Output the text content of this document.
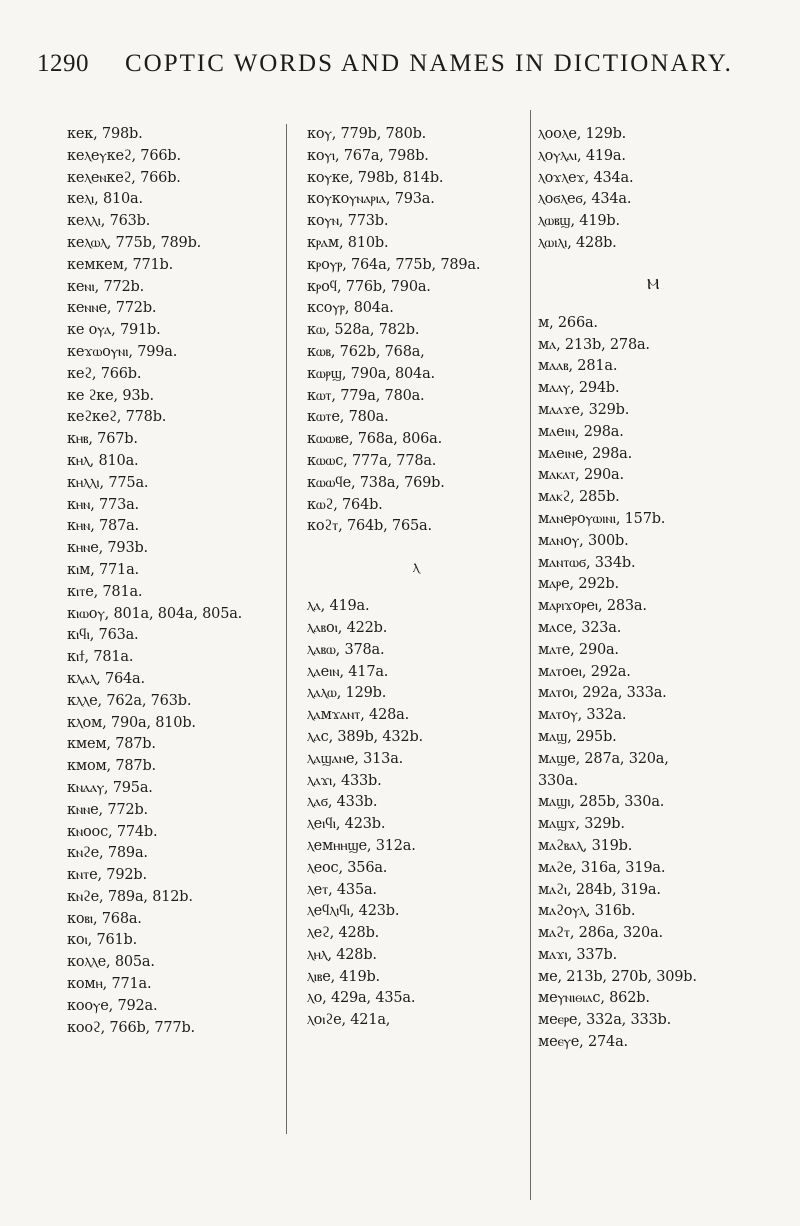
1290 COPTIC WORDS AND NAMES IN DICTIONARY.
кек, 798b.
кеⲗеⲩкеϩ, 766b.
кеⲗеⲛкеϩ, 766b.
кеⲗⲓ, 810a.
кеⲗⲗⲓ, 763b.
кеⲗⲱⲗ, 775b, 789b.
кемкем, 771b.
кеⲛⲓ, 772b.
кеⲛⲛе, 772b.
ке оⲩⲁ, 791b.
кеϫⲱоⲩⲛⲓ, 799a.
кеϩ, 766b.
ке ϩке, 93b.
кеϩкеϩ, 778b.
кⲏⲃ, 767b.
кⲏⲗ, 810a.
кⲏⲗⲗⲓ, 775a.
кⲏⲛ, 773a.
кⲏⲛ, 787a.
кⲏⲛе, 793b.
кⲓм, 771a.
кⲓⲧе, 781a.
кⲓⲱоⲩ, 801a, 804a, 805a.
кⲓϥⲓ, 763a.
кⲓϯ, 781a.
кⲗⲁⲗ, 764a.
кⲗⲗе, 762a, 763b.
кⲗом, 790a, 810b.
кмем, 787b.
кмом, 787b.
кⲛⲁⲁⲩ, 795a.
кⲛⲛе, 772b.
кⲛоос, 774b.
кⲛϩе, 789a.
кⲛⲧе, 792b.
кⲛϩе, 789a, 812b.
коⲃⲓ, 768a.
коⲓ, 761b.
коⲗⲗе, 805a.
комⲏ, 771a.
кооⲩе, 792a.
кооϩ, 766b, 777b.
коⲩ, 779b, 780b.
коⲩⲓ, 767a, 798b.
коⲩке, 798b, 814b.
коⲩкоⲩⲛⲁⲣⲓⲁ, 793a.
коⲩⲛ, 773b.
кⲣⲁм, 810b.
кⲣоⲩⲣ, 764a, 775b, 789a.
кⲣоϥ, 776b, 790a.
ксоⲩⲣ, 804a.
кⲱ, 528a, 782b.
кⲱⲃ, 762b, 768a,
кⲱⲣϣ, 790a, 804a.
кⲱⲧ, 779a, 780a.
кⲱⲧе, 780a.
кⲱⲱⲃе, 768a, 806a.
кⲱⲱс, 777a, 778a.
кⲱⲱϥе, 738a, 769b.
кⲱϩ, 764b.
коϩⲧ, 764b, 765a.
ⲗ
ⲗⲁ, 419a.
ⲗⲁⲃоⲓ, 422b.
ⲗⲁⲃⲱ, 378a.
ⲗⲁеⲓⲛ, 417a.
ⲗⲁⲗⲱ, 129b.
ⲗⲁмϫⲁⲛⲧ, 428a.
ⲗⲁс, 389b, 432b.
ⲗⲁϣⲁⲛе, 313a.
ⲗⲁϫⲓ, 433b.
ⲗⲁϭ, 433b.
ⲗеⲓϥⲓ, 423b.
ⲗемⲏⲏϣе, 312a.
ⲗеос, 356a.
ⲗеⲧ, 435a.
ⲗеϥⲗⲓϥⲓ, 423b.
ⲗеϩ, 428b.
ⲗⲏⲗ, 428b.
ⲗⲓⲃе, 419b.
ⲗо, 429a, 435a.
ⲗоⲓϩе, 421a,
ⲗооⲗе, 129b.
ⲗоⲩⲗⲁⲓ, 419a.
ⲗоϫⲗеϫ, 434a.
ⲗоϭⲗеϭ, 434a.
ⲗⲱⲃϣ, 419b.
ⲗⲱⲓⲗⲓ, 428b.
Ⲙ
м, 266a.
мⲁ, 213b, 278a.
мⲁⲁⲃ, 281a.
мⲁⲁⲩ, 294b.
мⲁⲁϫе, 329b.
мⲁеⲓⲛ, 298a.
мⲁеⲓⲛе, 298a.
мⲁⲕⲁⲧ, 290a.
мⲁⲕϩ, 285b.
мⲁⲛеⲣоⲩⲱⲓⲛⲓ, 157b.
мⲁⲛоⲩ, 300b.
мⲁⲛⲧⲱϭ, 334b.
мⲁⲣе, 292b.
мⲁⲣⲓϫоⲣеⲓ, 283a.
мⲁсе, 323a.
мⲁⲧе, 290a.
мⲁⲧоеⲓ, 292a.
мⲁⲧоⲓ, 292a, 333a.
мⲁⲧоⲩ, 332a.
мⲁϣ, 295b.
мⲁϣе, 287a, 320a,
330a.
мⲁϣⲓ, 285b, 330a.
мⲁϣϫ, 329b.
мⲁϩⲃⲁⲗ, 319b.
мⲁϩе, 316a, 319a.
мⲁϩⲓ, 284b, 319a.
мⲁϩоⲩⲗ, 316b.
мⲁϩⲧ, 286a, 320a.
мⲁϫⲓ, 337b.
ме, 213b, 270b, 309b.
меⲩⲛⲓⲑⲓⲁс, 862b.
меⲉⲣе, 332a, 333b.
меⲉⲩе, 274a.
